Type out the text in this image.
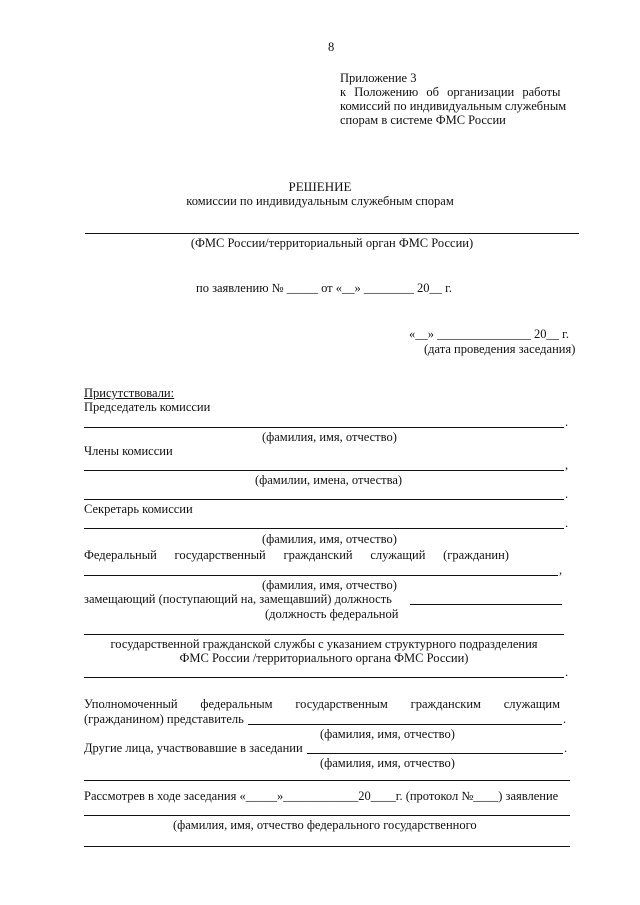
8
Приложение 3
к Положению об организации работы
комиссий по индивидуальным служебным
спорам в системе ФМС России
РЕШЕНИЕ
комиссии по индивидуальным служебным спорам
(ФМС России/территориальный орган ФМС России)
по заявлению № _____ от «__» ________ 20__ г.
«__» _______________ 20__ г.
(дата проведения заседания)
Присутствовали:
Председатель комиссии
.
(фамилия, имя, отчество)
Члены комиссии
,
(фамилии, имена, отчества)
.
Секретарь комиссии
.
(фамилия, имя, отчество)
Федеральный государственный гражданский служащий (гражданин)
,
(фамилия, имя, отчество)
замещающий (поступающий на, замещавший) должность
(должность федеральной
государственной гражданской службы с указанием структурного подразделения
ФМС России /территориального органа ФМС России)
.
Уполномоченный федеральным государственным гражданским служащим
(гражданином) представитель	.
(фамилия, имя, отчество)
Другие лица, участвовавшие в заседании	.
(фамилия, имя, отчество)
Рассмотрев в ходе заседания «_____»____________20____г. (протокол №____) заявление
(фамилия, имя, отчество федерального государственного
